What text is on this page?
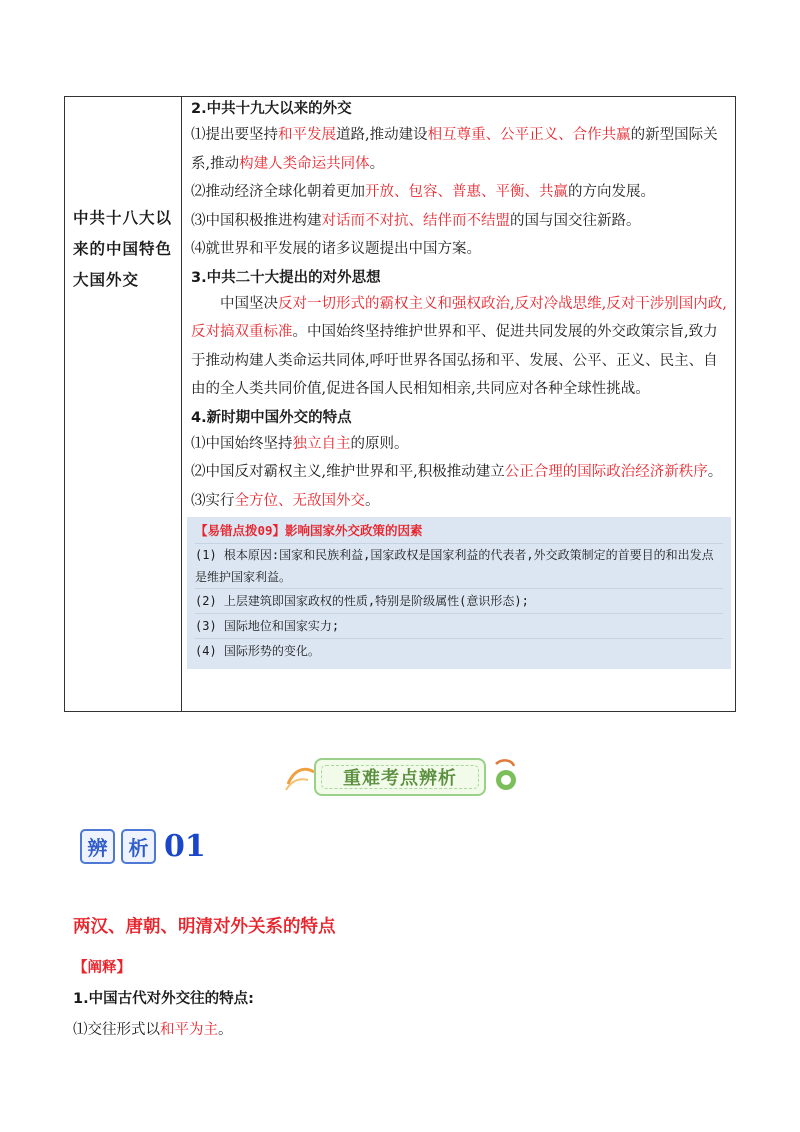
中共十八大以来的中国特色大国外交
2.中共十九大以来的外交

⑴提出要坚持和平发展道路,推动建设相互尊重、公平正义、合作共赢的新型国际关系,推动构建人类命运共同体。

⑵推动经济全球化朝着更加开放、包容、普惠、平衡、共赢的方向发展。

⑶中国积极推进构建对话而不对抗、结伴而不结盟的国与国交往新路。

⑷就世界和平发展的诸多议题提出中国方案。

3.中共二十大提出的对外思想

中国坚决反对一切形式的霸权主义和强权政治,反对冷战思维,反对干涉别国内政,反对搞双重标准。中国始终坚持维护世界和平、促进共同发展的外交政策宗旨,致力于推动构建人类命运共同体,呼吁世界各国弘扬和平、发展、公平、正义、民主、自由的全人类共同价值,促进各国人民相知相亲,共同应对各种全球性挑战。

4.新时期中国外交的特点

⑴中国始终坚持独立自主的原则。

⑵中国反对霸权主义,维护世界和平,积极推动建立公正合理的国际政治经济新秩序。

⑶实行全方位、无敌国外交。

【易错点拨09】影响国家外交政策的因素
(1) 根本原因:国家和民族利益,国家政权是国家利益的代表者,外交政策制定的首要目的和出发点是维护国家利益。
(2) 上层建筑即国家政权的性质,特别是阶级属性(意识形态);
(3) 国际地位和国家实力;
(4) 国际形势的变化。
重难考点辨析
辨	析 01
两汉、唐朝、明清对外关系的特点
【阐释】
1.中国古代对外交往的特点:
⑴交往形式以和平为主。
